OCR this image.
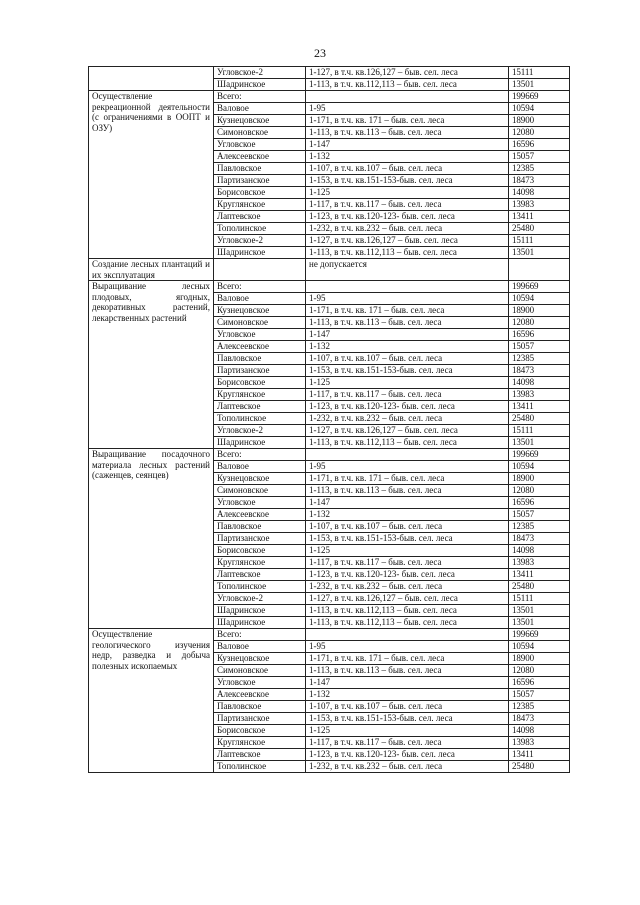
23
	Угловское-2	1-127, в т.ч. кв.126,127 – быв. сел. леса	15111
	Шадринское	1-113, в т.ч. кв.112,113 – быв. сел. леса	13501
Осуществление рекреационной деятельности (с ограничениями в ООПТ и ОЗУ)	Всего:		199669
	Валовое	1-95	10594
	Кузнецовское	1-171, в т.ч. кв. 171 – быв. сел. леса	18900
	Симоновское	1-113, в т.ч. кв.113 – быв. сел. леса	12080
	Угловское	1-147	16596
	Алексеевское	1-132	15057
	Павловское	1-107, в т.ч. кв.107 – быв. сел. леса	12385
	Партизанское	1-153, в т.ч. кв.151-153-быв. сел. леса	18473
	Борисовское	1-125	14098
	Круглянское	1-117, в т.ч. кв.117 – быв. сел. леса	13983
	Лаптевское	1-123, в т.ч. кв.120-123- быв. сел. леса	13411
	Тополинское	1-232, в т.ч. кв.232 – быв. сел. леса	25480
	Угловское-2	1-127, в т.ч. кв.126,127 – быв. сел. леса	15111
	Шадринское	1-113, в т.ч. кв.112,113 – быв. сел. леса	13501
Создание лесных плантаций и их эксплуатация		не допускается	
Выращивание лесных плодовых, ягодных, декоративных растений, лекарственных растений	Всего:		199669
	Валовое	1-95	10594
	Кузнецовское	1-171, в т.ч. кв. 171 – быв. сел. леса	18900
	Симоновское	1-113, в т.ч. кв.113 – быв. сел. леса	12080
	Угловское	1-147	16596
	Алексеевское	1-132	15057
	Павловское	1-107, в т.ч. кв.107 – быв. сел. леса	12385
	Партизанское	1-153, в т.ч. кв.151-153-быв. сел. леса	18473
	Борисовское	1-125	14098
	Круглянское	1-117, в т.ч. кв.117 – быв. сел. леса	13983
	Лаптевское	1-123, в т.ч. кв.120-123- быв. сел. леса	13411
	Тополинское	1-232, в т.ч. кв.232 – быв. сел. леса	25480
	Угловское-2	1-127, в т.ч. кв.126,127 – быв. сел. леса	15111
	Шадринское	1-113, в т.ч. кв.112,113 – быв. сел. леса	13501
Выращивание посадочного материала лесных растений (саженцев, сеянцев)	Всего:		199669
	Валовое	1-95	10594
	Кузнецовское	1-171, в т.ч. кв. 171 – быв. сел. леса	18900
	Симоновское	1-113, в т.ч. кв.113 – быв. сел. леса	12080
	Угловское	1-147	16596
	Алексеевское	1-132	15057
	Павловское	1-107, в т.ч. кв.107 – быв. сел. леса	12385
	Партизанское	1-153, в т.ч. кв.151-153-быв. сел. леса	18473
	Борисовское	1-125	14098
	Круглянское	1-117, в т.ч. кв.117 – быв. сел. леса	13983
	Лаптевское	1-123, в т.ч. кв.120-123- быв. сел. леса	13411
	Тополинское	1-232, в т.ч. кв.232 – быв. сел. леса	25480
	Угловское-2	1-127, в т.ч. кв.126,127 – быв. сел. леса	15111
	Шадринское	1-113, в т.ч. кв.112,113 – быв. сел. леса	13501
	Шадринское	1-113, в т.ч. кв.112,113 – быв. сел. леса	13501
Осуществление геологического изучения недр, разведка и добыча полезных ископаемых	Всего:		199669
	Валовое	1-95	10594
	Кузнецовское	1-171, в т.ч. кв. 171 – быв. сел. леса	18900
	Симоновское	1-113, в т.ч. кв.113 – быв. сел. леса	12080
	Угловское	1-147	16596
	Алексеевское	1-132	15057
	Павловское	1-107, в т.ч. кв.107 – быв. сел. леса	12385
	Партизанское	1-153, в т.ч. кв.151-153-быв. сел. леса	18473
	Борисовское	1-125	14098
	Круглянское	1-117, в т.ч. кв.117 – быв. сел. леса	13983
	Лаптевское	1-123, в т.ч. кв.120-123- быв. сел. леса	13411
	Тополинское	1-232, в т.ч. кв.232 – быв. сел. леса	25480
